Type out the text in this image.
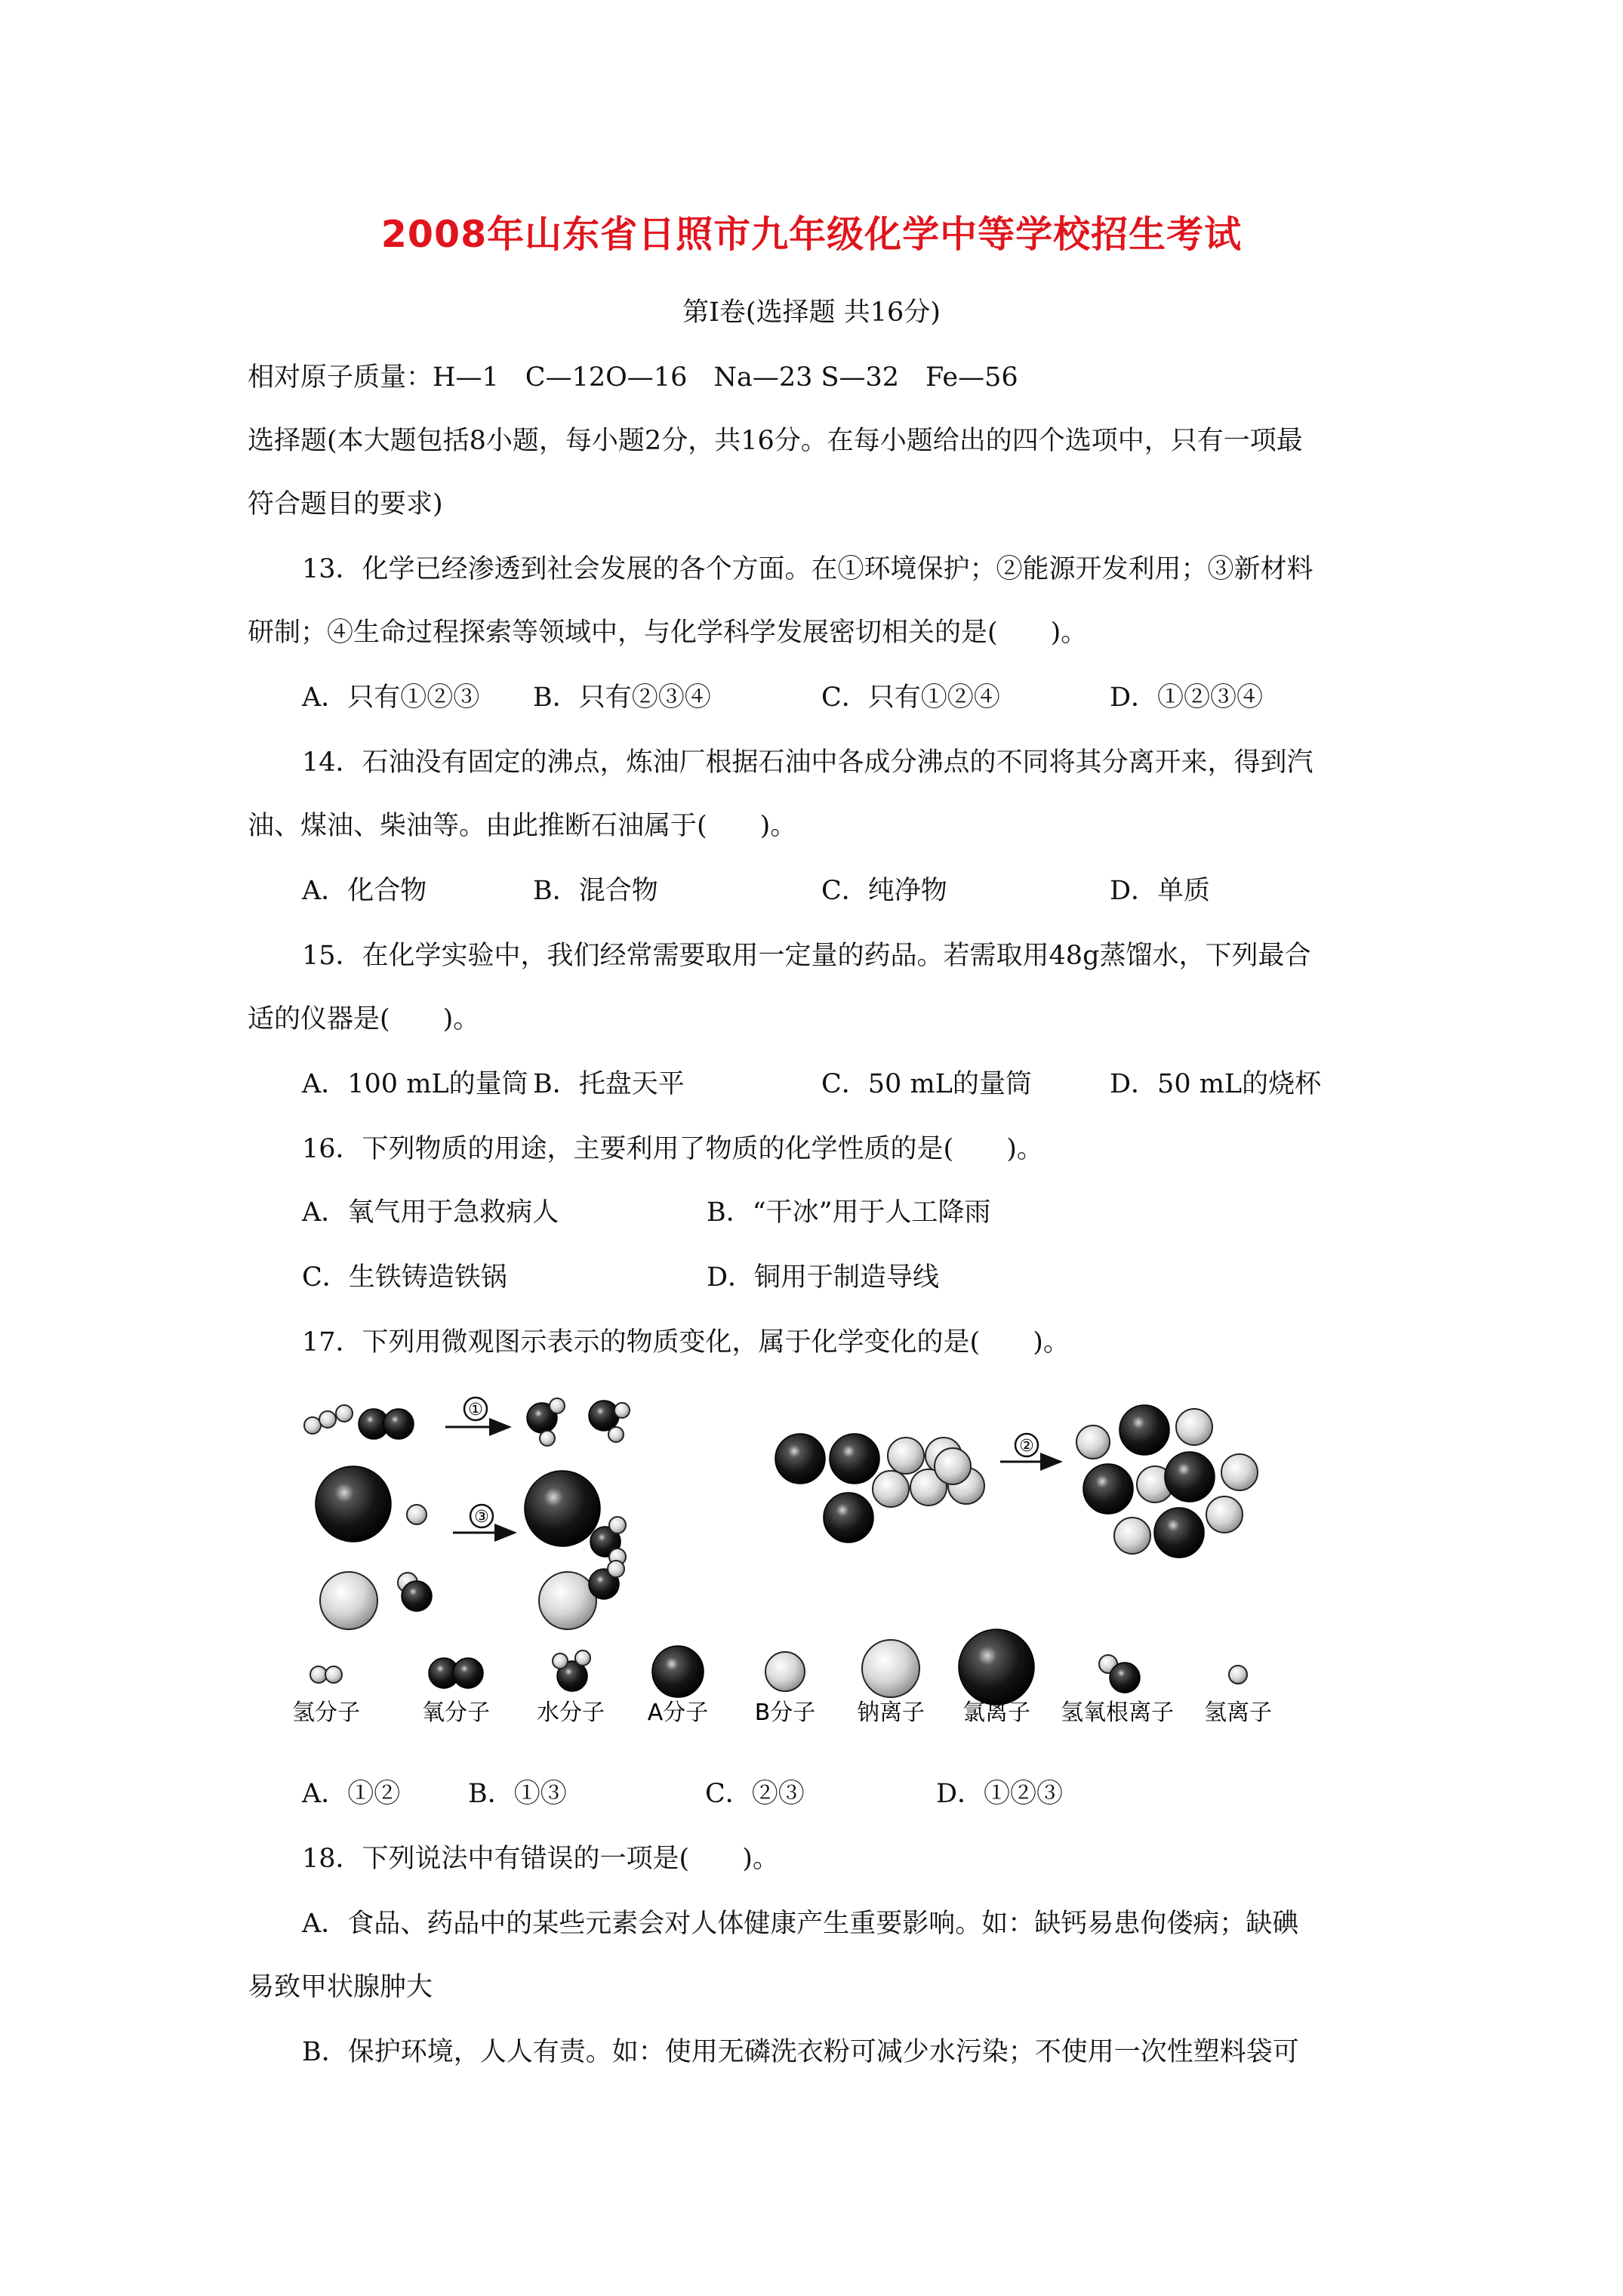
2008年山东省日照市九年级化学中等学校招生考试
第Ⅰ卷(选择题 共16分)
相对原子质量：H—1　C—12O—16　Na—23 S—32　Fe—56
选择题(本大题包括8小题，每小题2分，共16分。在每小题给出的四个选项中，只有一项最
符合题目的要求)
13．化学已经渗透到社会发展的各个方面。在①环境保护；②能源开发利用；③新材料
研制；④生命过程探索等领域中，与化学科学发展密切相关的是(　　)。
A．只有①②③ B．只有②③④	C．只有①②④	D．①②③④
14．石油没有固定的沸点，炼油厂根据石油中各成分沸点的不同将其分离开来，得到汽
油、煤油、柴油等。由此推断石油属于(　　)。
A．化合物	B．混合物	C．纯净物	D．单质
15．在化学实验中，我们经常需要取用一定量的药品。若需取用48g蒸馏水，下列最合
适的仪器是(　　)。
A．100 mL的量筒 B．托盘天平	C．50 mL的量筒	D．50 mL的烧杯
16．下列物质的用途，主要利用了物质的化学性质的是(　　)。
A．氧气用于急救病人	B．“干冰”用于人工降雨
C．生铁铸造铁锅	D．铜用于制造导线
17．下列用微观图示表示的物质变化，属于化学变化的是(　　)。
①
③
②
氢分子	氧分子 水分子 A分子 B分子 钠离子 氯离子 氢氧根离子 氢离子
A．①②	B．①③	C．②③	D．①②③
18．下列说法中有错误的一项是(　　)。
A．食品、药品中的某些元素会对人体健康产生重要影响。如：缺钙易患佝偻病；缺碘
易致甲状腺肿大
B．保护环境，人人有责。如：使用无磷洗衣粉可减少水污染；不使用一次性塑料袋可
